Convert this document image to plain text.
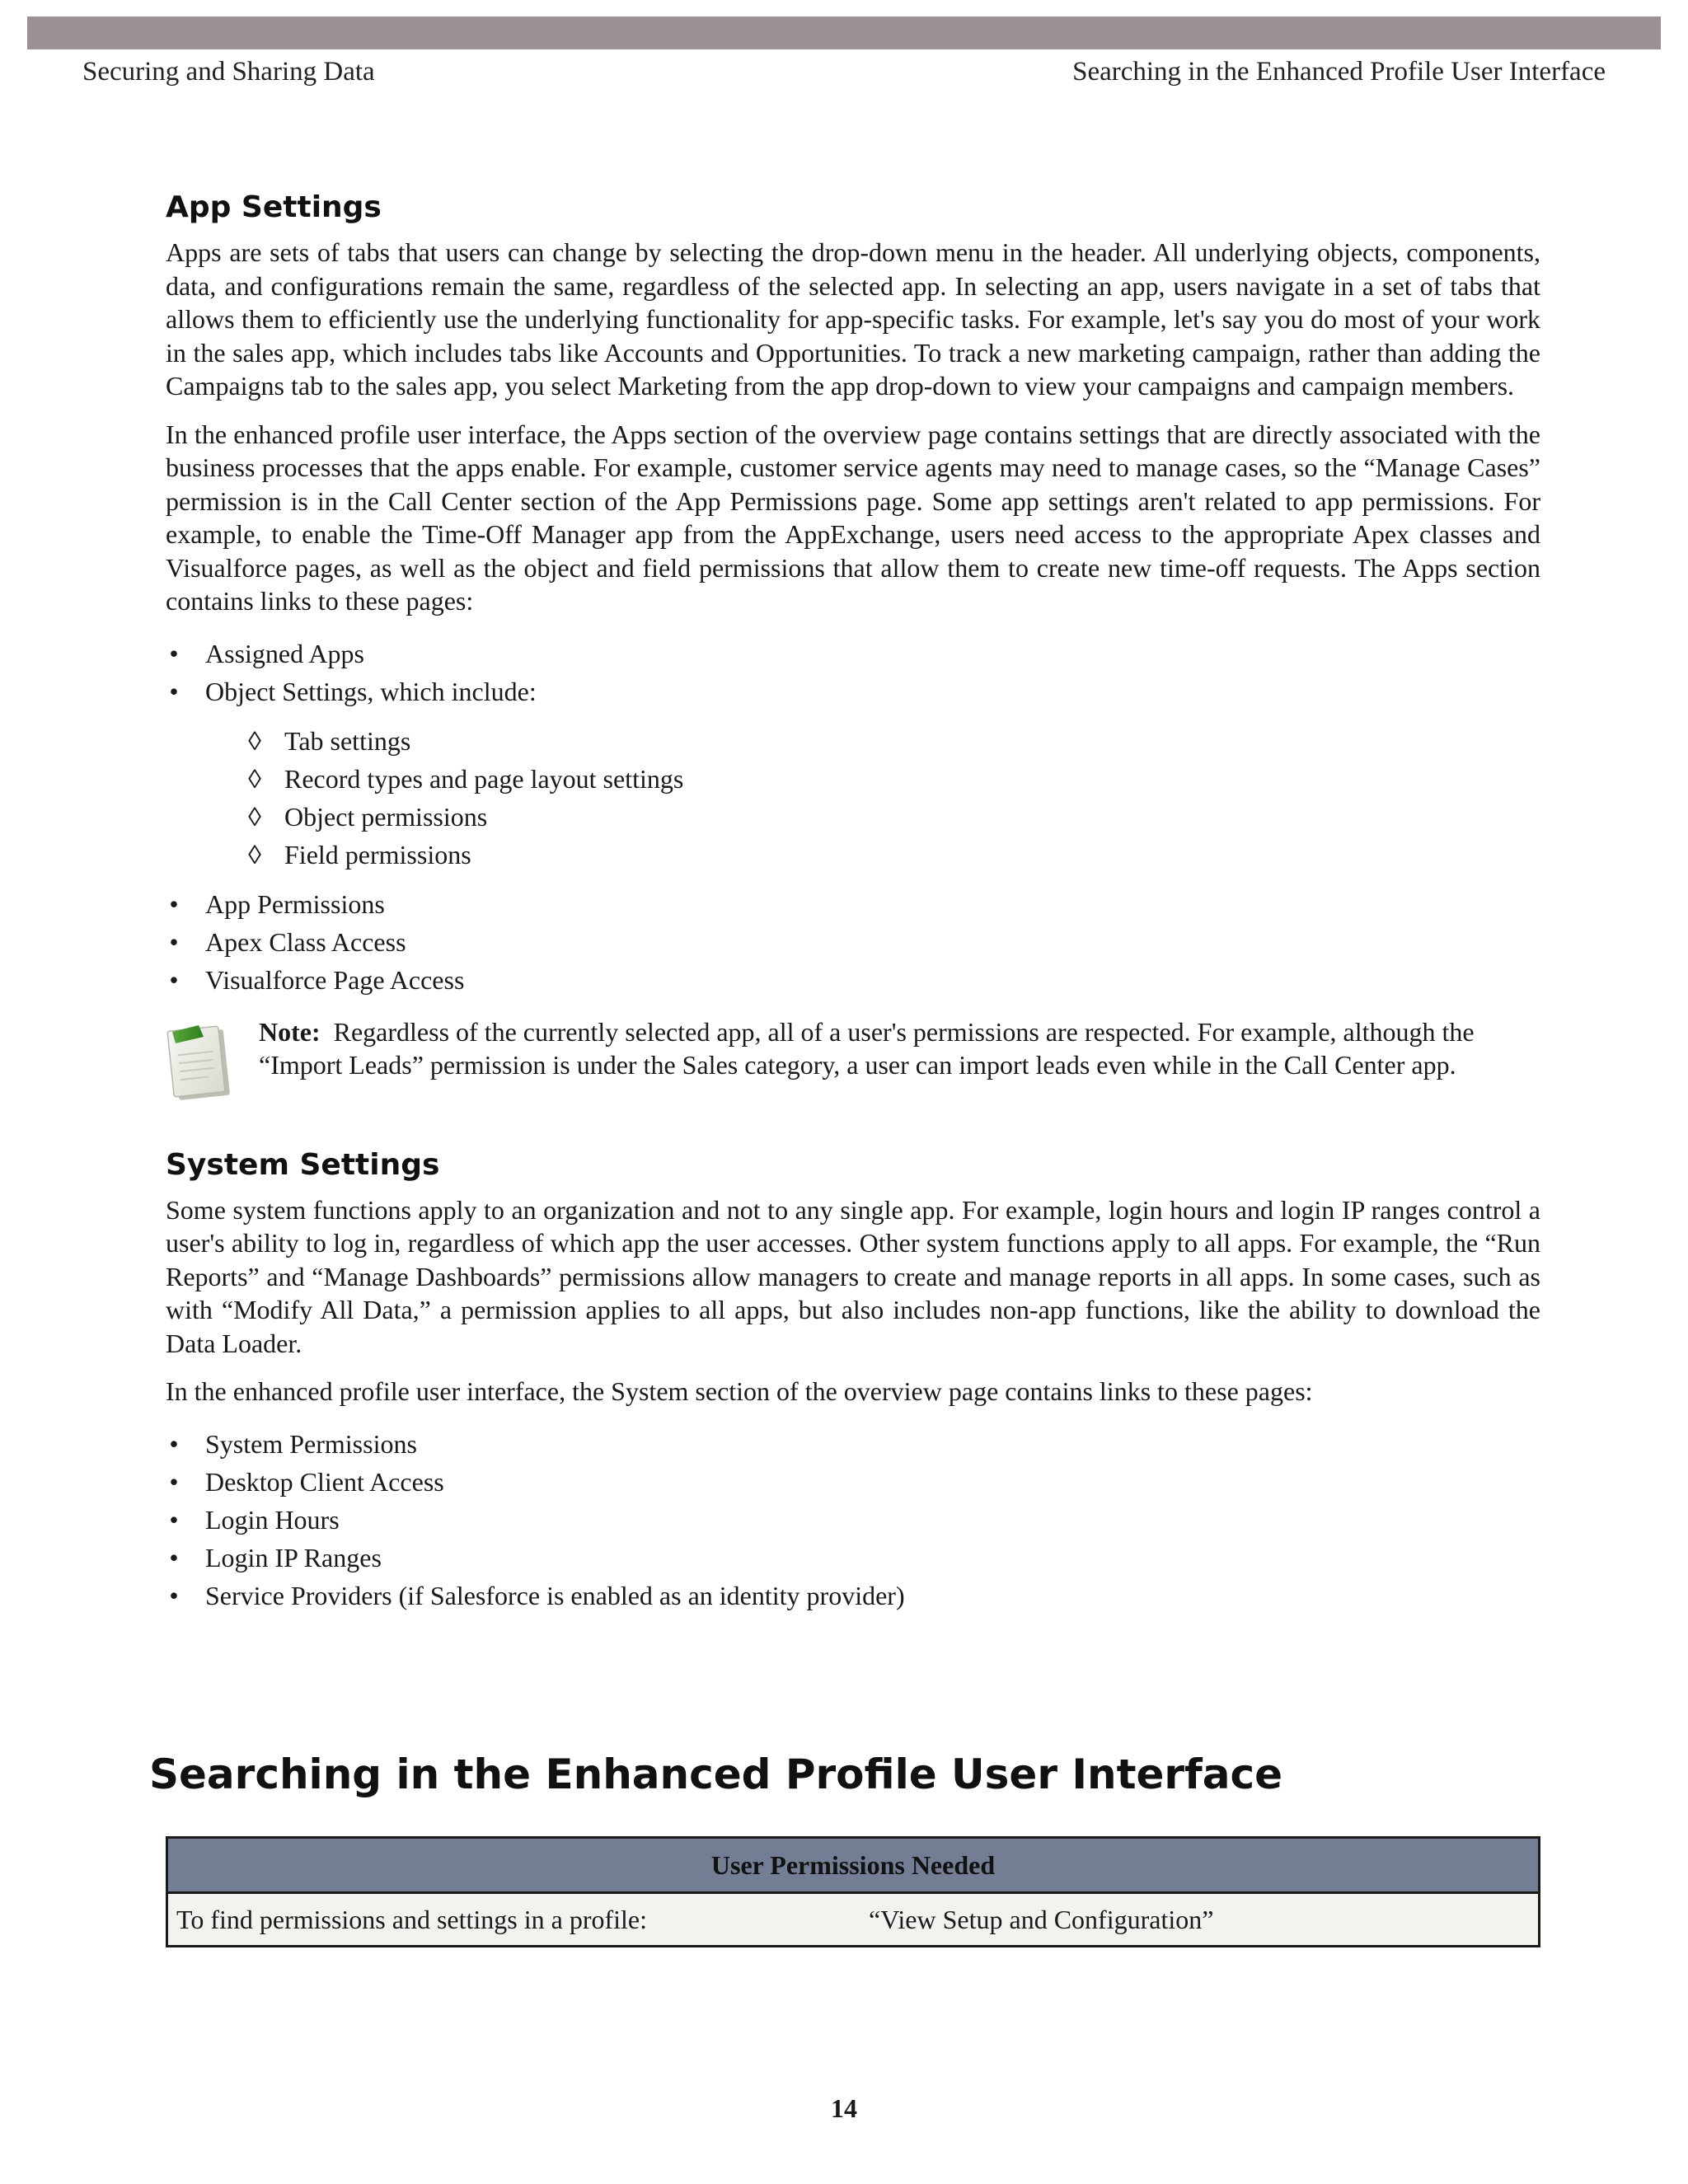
Securing and Sharing Data	Searching in the Enhanced Profile User Interface
App Settings

Apps are sets of tabs that users can change by selecting the drop-down menu in the header. All underlying objects, components, data, and configurations remain the same, regardless of the selected app. In selecting an app, users navigate in a set of tabs that allows them to efficiently use the underlying functionality for app-specific tasks. For example, let's say you do most of your work in the sales app, which includes tabs like Accounts and Opportunities. To track a new marketing campaign, rather than adding the Campaigns tab to the sales app, you select Marketing from the app drop-down to view your campaigns and campaign members.

In the enhanced profile user interface, the Apps section of the overview page contains settings that are directly associated with the business processes that the apps enable. For example, customer service agents may need to manage cases, so the “Manage Cases” permission is in the Call Center section of the App Permissions page. Some app settings aren't related to app permissions. For example, to enable the Time-Off Manager app from the AppExchange, users need access to the appropriate Apex classes and Visualforce pages, as well as the object and field permissions that allow them to create new time-off requests. The Apps section contains links to these pages:

• Assigned Apps
• Object Settings, which include:
◊ Tab settings
◊ Record types and page layout settings
◊ Object permissions
◊ Field permissions
• App Permissions
• Apex Class Access
• Visualforce Page Access
Note: Regardless of the currently selected app, all of a user's permissions are respected. For example, although the “Import Leads” permission is under the Sales category, a user can import leads even while in the Call Center app.
System Settings

Some system functions apply to an organization and not to any single app. For example, login hours and login IP ranges control a user's ability to log in, regardless of which app the user accesses. Other system functions apply to all apps. For example, the “Run Reports” and “Manage Dashboards” permissions allow managers to create and manage reports in all apps. In some cases, such as with “Modify All Data,” a permission applies to all apps, but also includes non-app functions, like the ability to download the Data Loader.

In the enhanced profile user interface, the System section of the overview page contains links to these pages:

• System Permissions
• Desktop Client Access
• Login Hours
• Login IP Ranges
• Service Providers (if Salesforce is enabled as an identity provider)
Searching in the Enhanced Profile User Interface
User Permissions Needed
To find permissions and settings in a profile:	“View Setup and Configuration”
14
